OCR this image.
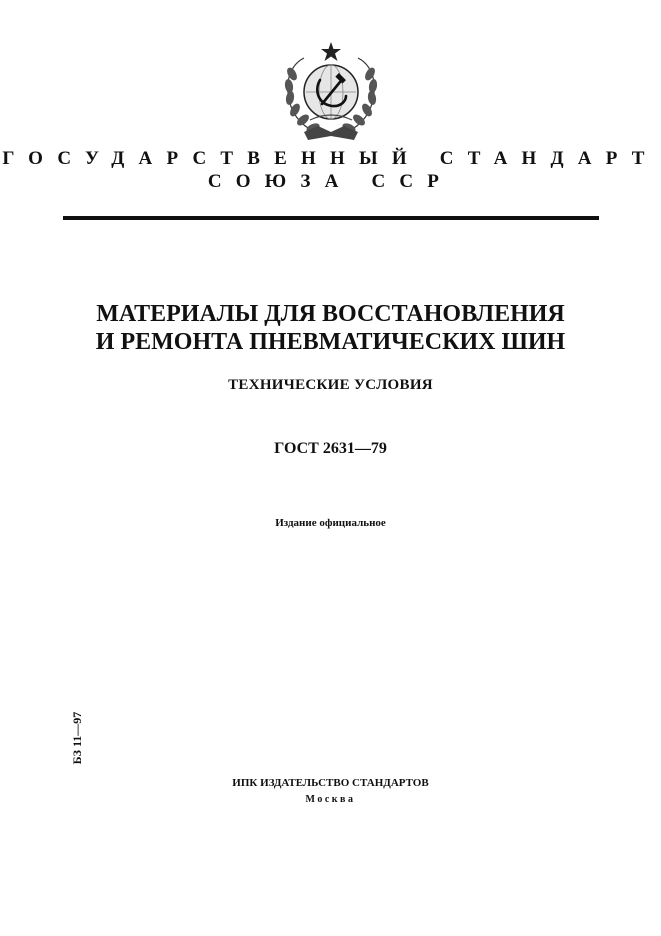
ГОСУДАРСТВЕННЫЙ СТАНДАРТ
СОЮЗА ССР
МАТЕРИАЛЫ ДЛЯ ВОССТАНОВЛЕНИЯ
И РЕМОНТА ПНЕВМАТИЧЕСКИХ ШИН
ТЕХНИЧЕСКИЕ УСЛОВИЯ
ГОСТ 2631—79
Издание официальное
БЗ 11—97
ИПК ИЗДАТЕЛЬСТВО СТАНДАРТОВ
Москва
